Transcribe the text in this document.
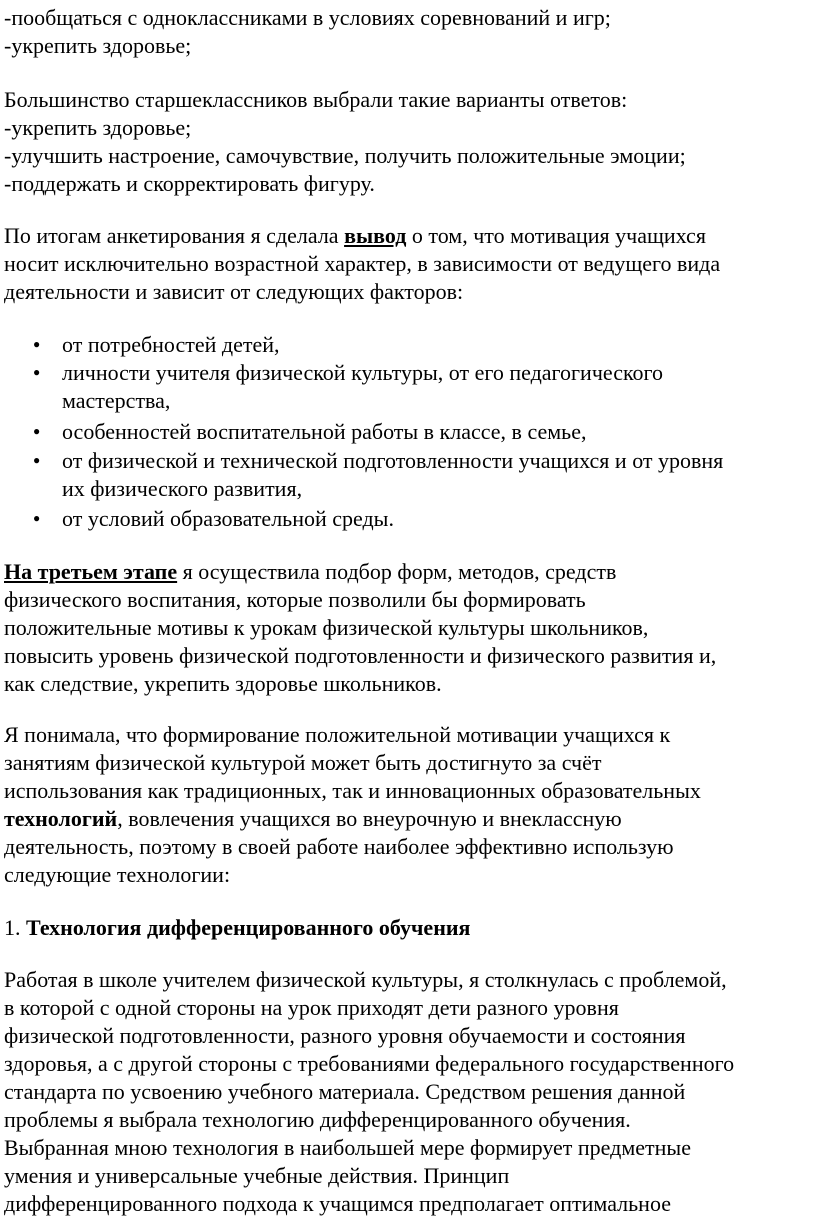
-пообщаться с одноклассниками в условиях соревнований и игр;
-укрепить здоровье;
Большинство старшеклассников выбрали такие варианты ответов:
-укрепить здоровье;
-улучшить настроение, самочувствие, получить положительные эмоции;
-поддержать и скорректировать фигуру.
По итогам анкетирования я сделала вывод о том, что мотивация учащихся
носит исключительно возрастной характер, в зависимости от ведущего вида
деятельности и зависит от следующих факторов:
● от потребностей детей,
● личности учителя физической культуры, от его педагогического
мастерства,
● особенностей воспитательной работы в классе, в семье,
● от физической и технической подготовленности учащихся и от уровня
их физического развития,
● от условий образовательной среды.
На третьем этапе я осуществила подбор форм, методов, средств
физического воспитания, которые позволили бы формировать
положительные мотивы к урокам физической культуры школьников,
повысить уровень физической подготовленности и физического развития и,
как следствие, укрепить здоровье школьников.
Я понимала, что формирование положительной мотивации учащихся к
занятиям физической культурой может быть достигнуто за счёт
использования как традиционных, так и инновационных образовательных
технологий, вовлечения учащихся во внеурочную и внеклассную
деятельность, поэтому в своей работе наиболее эффективно использую
следующие технологии:
1. Технология дифференцированного обучения
Работая в школе учителем физической культуры, я столкнулась с проблемой,
в которой с одной стороны на урок приходят дети разного уровня
физической подготовленности, разного уровня обучаемости и состояния
здоровья, а с другой стороны с требованиями федерального государственного
стандарта по усвоению учебного материала. Средством решения данной
проблемы я выбрала технологию дифференцированного обучения.
Выбранная мною технология в наибольшей мере формирует предметные
умения и универсальные учебные действия. Принцип
дифференцированного подхода к учащимся предполагает оптимальное
